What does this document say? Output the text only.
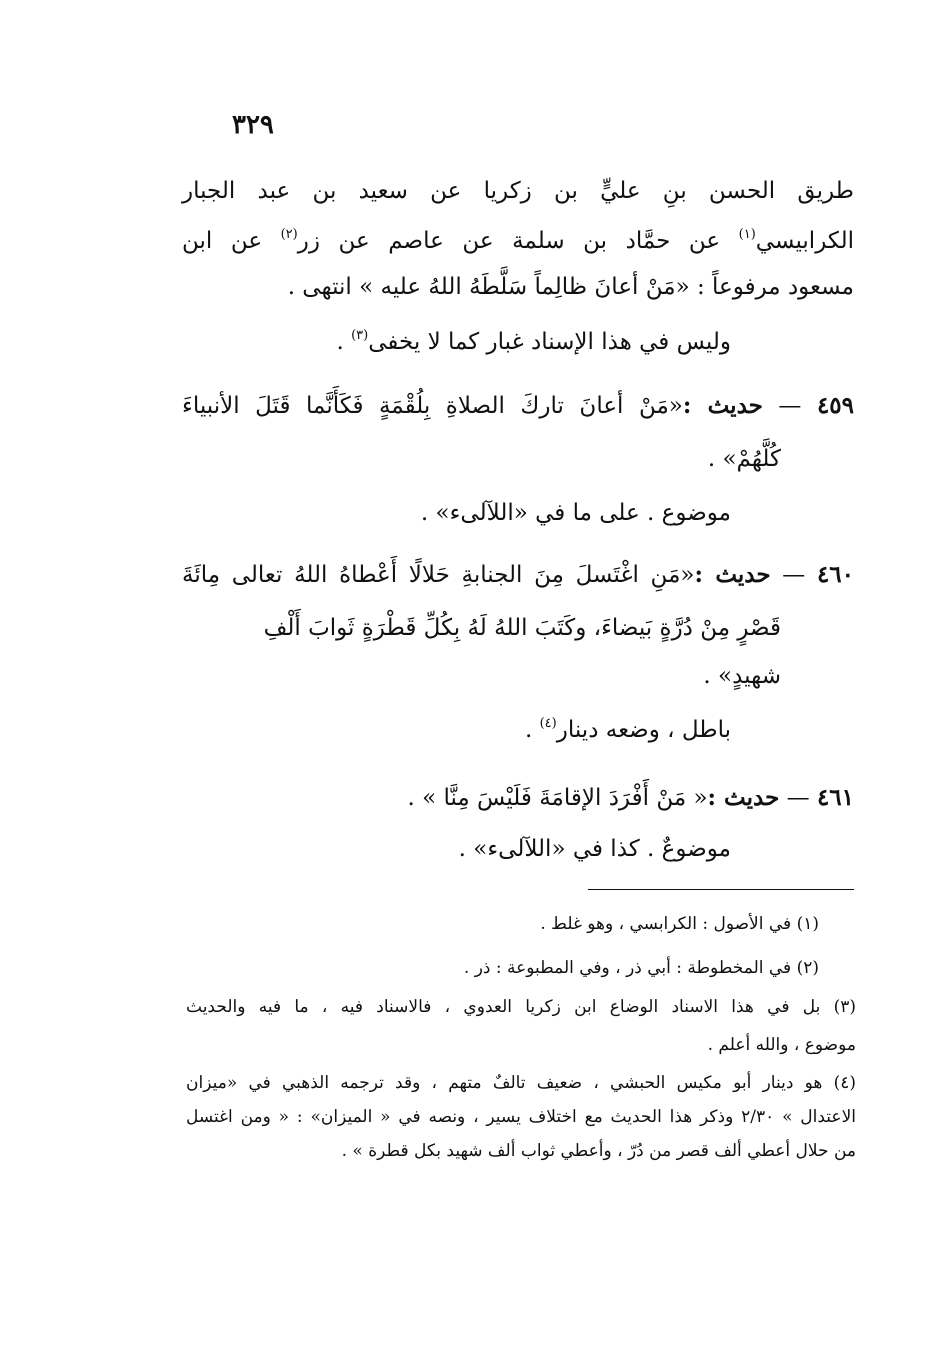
٣٢٩
طريق الحسن بنِ عليٍّ بن زكريا عن سعيد بن عبد الجبار
الكرابيسي$^{(١)}$ عن حمَّاد بن سلمة عن عاصم عن زر$^{(٢)}$ عن ابن
مسعود مرفوعاً : «مَنْ أعانَ ظالِماً سَلَّطَهُ اللهُ عليه » انتهى .
وليس في هذا الإسناد غبار كما لا يخفى$^{(٣)}$ .
٤٥٩ — حديث :«مَنْ أعانَ تاركَ الصلاةِ بِلُقْمَةٍ فَكَأَنَّما قَتَلَ الأنبياءَ
كُلَّهُمْ» .
موضوع . على ما في «اللآلىء» .
٤٦٠ — حديث :«مَنِ اغْتَسلَ مِنَ الجنابةِ حَلالًا أَعْطاهُ اللهُ تعالى مِائَةَ
قَصْرٍ مِنْ دُرَّةٍ بَيضاءَ، وكَتَبَ اللهُ لَهُ بِكُلِّ قَطْرَةٍ ثَوابَ أَلْفِ
شهيدٍ» .
باطل ، وضعه دينار$^{(٤)}$ .
٤٦١ — حديث :« مَنْ أَفْرَدَ الإقامَةَ فَلَيْسَ مِنَّا » .
موضوعٌ . كذا في «اللآلىء» .
(١) في الأصول : الكرابسي ، وهو غلط .
(٢) في المخطوطة : أبي ذر ، وفي المطبوعة : ذر .
(٣) بل في هذا الاسناد الوضاع ابن زكريا العدوي ، فالاسناد فيه ، ما فيه والحديث
موضوع ، والله أعلم .
(٤) هو دينار أبو مكيس الحبشي ، ضعيف تالفٌ متهم ، وقد ترجمه الذهبي في «ميزان
الاعتدال » ٢/٣٠ وذكر هذا الحديث مع اختلاف يسير ، ونصه في « الميزان» : « ومن اغتسل
من حلال أعطي ألف قصر من دُرّ ، وأعطي ثواب ألف شهيد بكل قطرة » .
